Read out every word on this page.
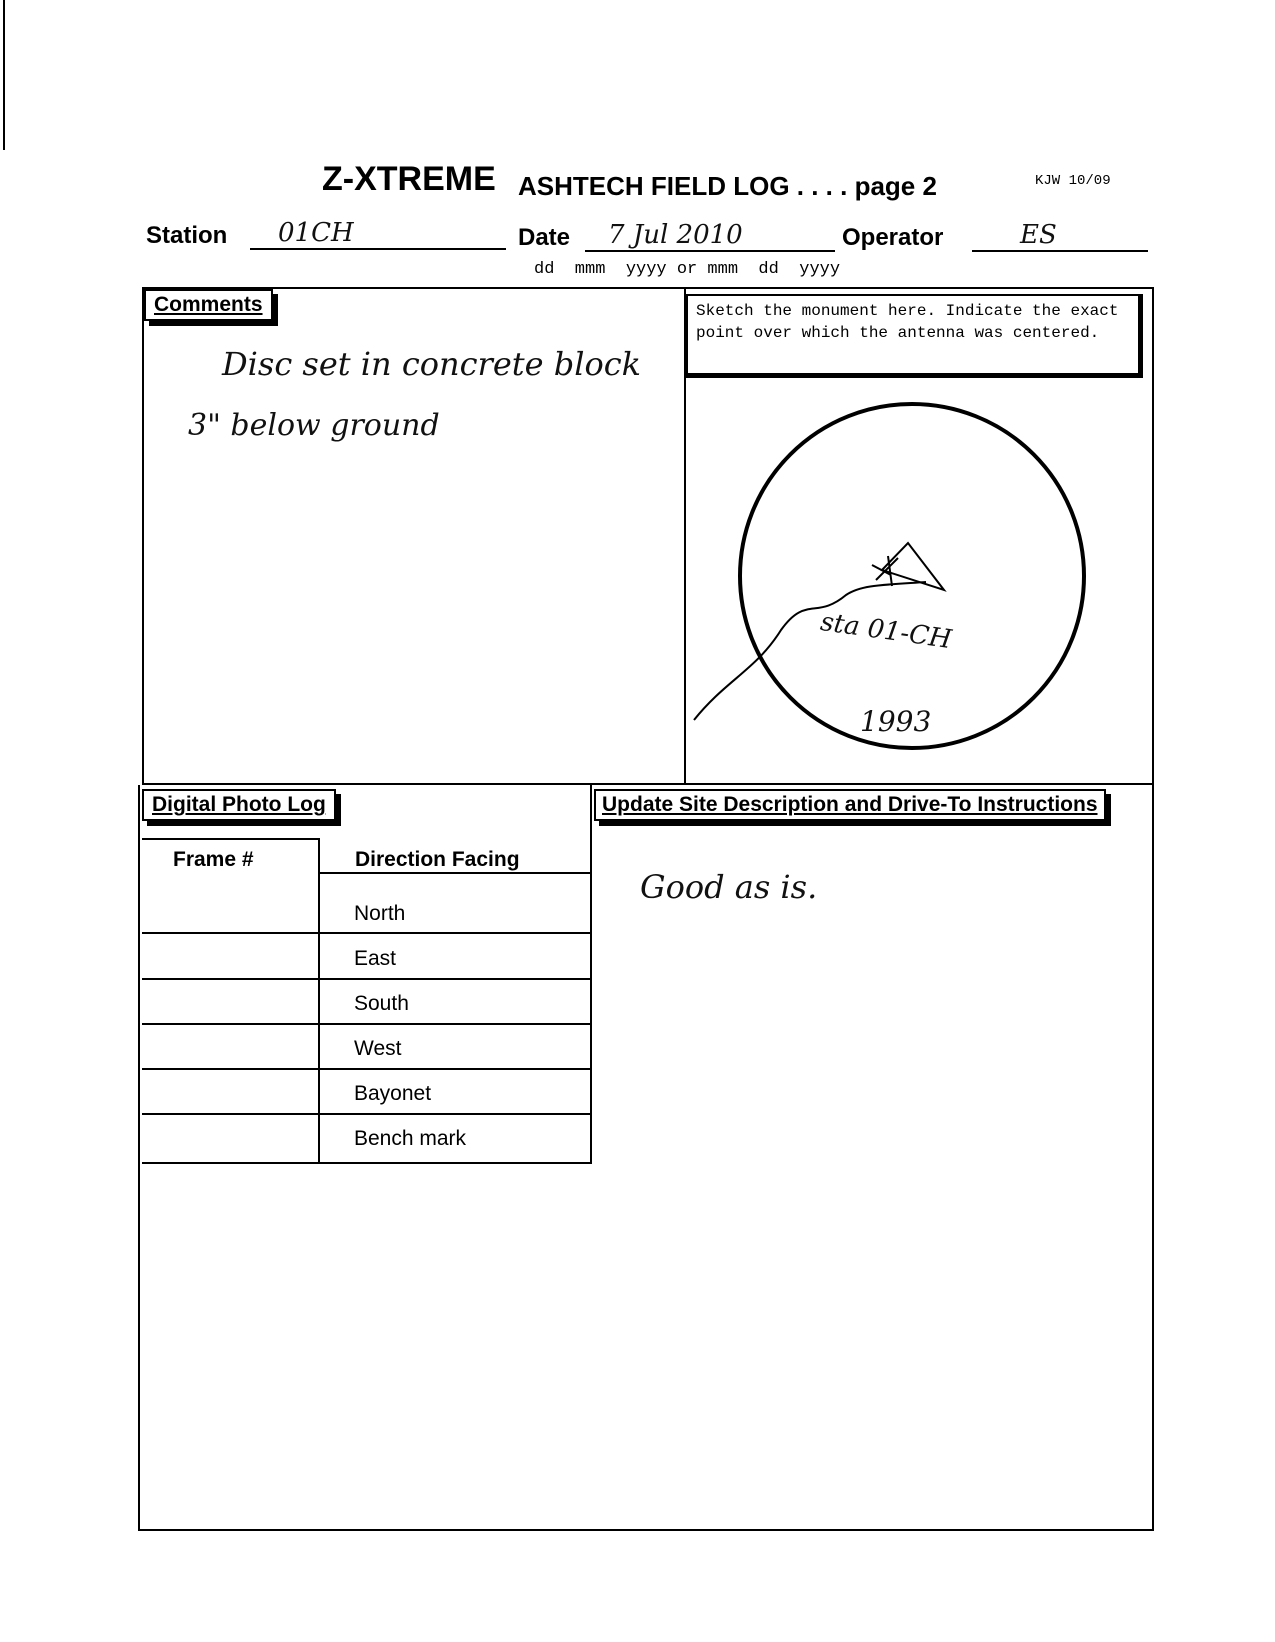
Z-XTREME ASHTECH FIELD LOG . . . . page 2	KJW 10/09
Station 01CH	Date 7 Jul 2010
dd  mmm  yyyy or mmm  dd  yyyy
Operator	ES
Comments
Disc set in concrete block
3" below ground
Sketch the monument here. Indicate the exact point over which the antenna was centered.
sta 01-CH
1993
Digital Photo Log
Frame #	Direction Facing
North
East
South
West
Bayonet
Bench mark
Update Site Description and Drive-To Instructions
Good as is.
